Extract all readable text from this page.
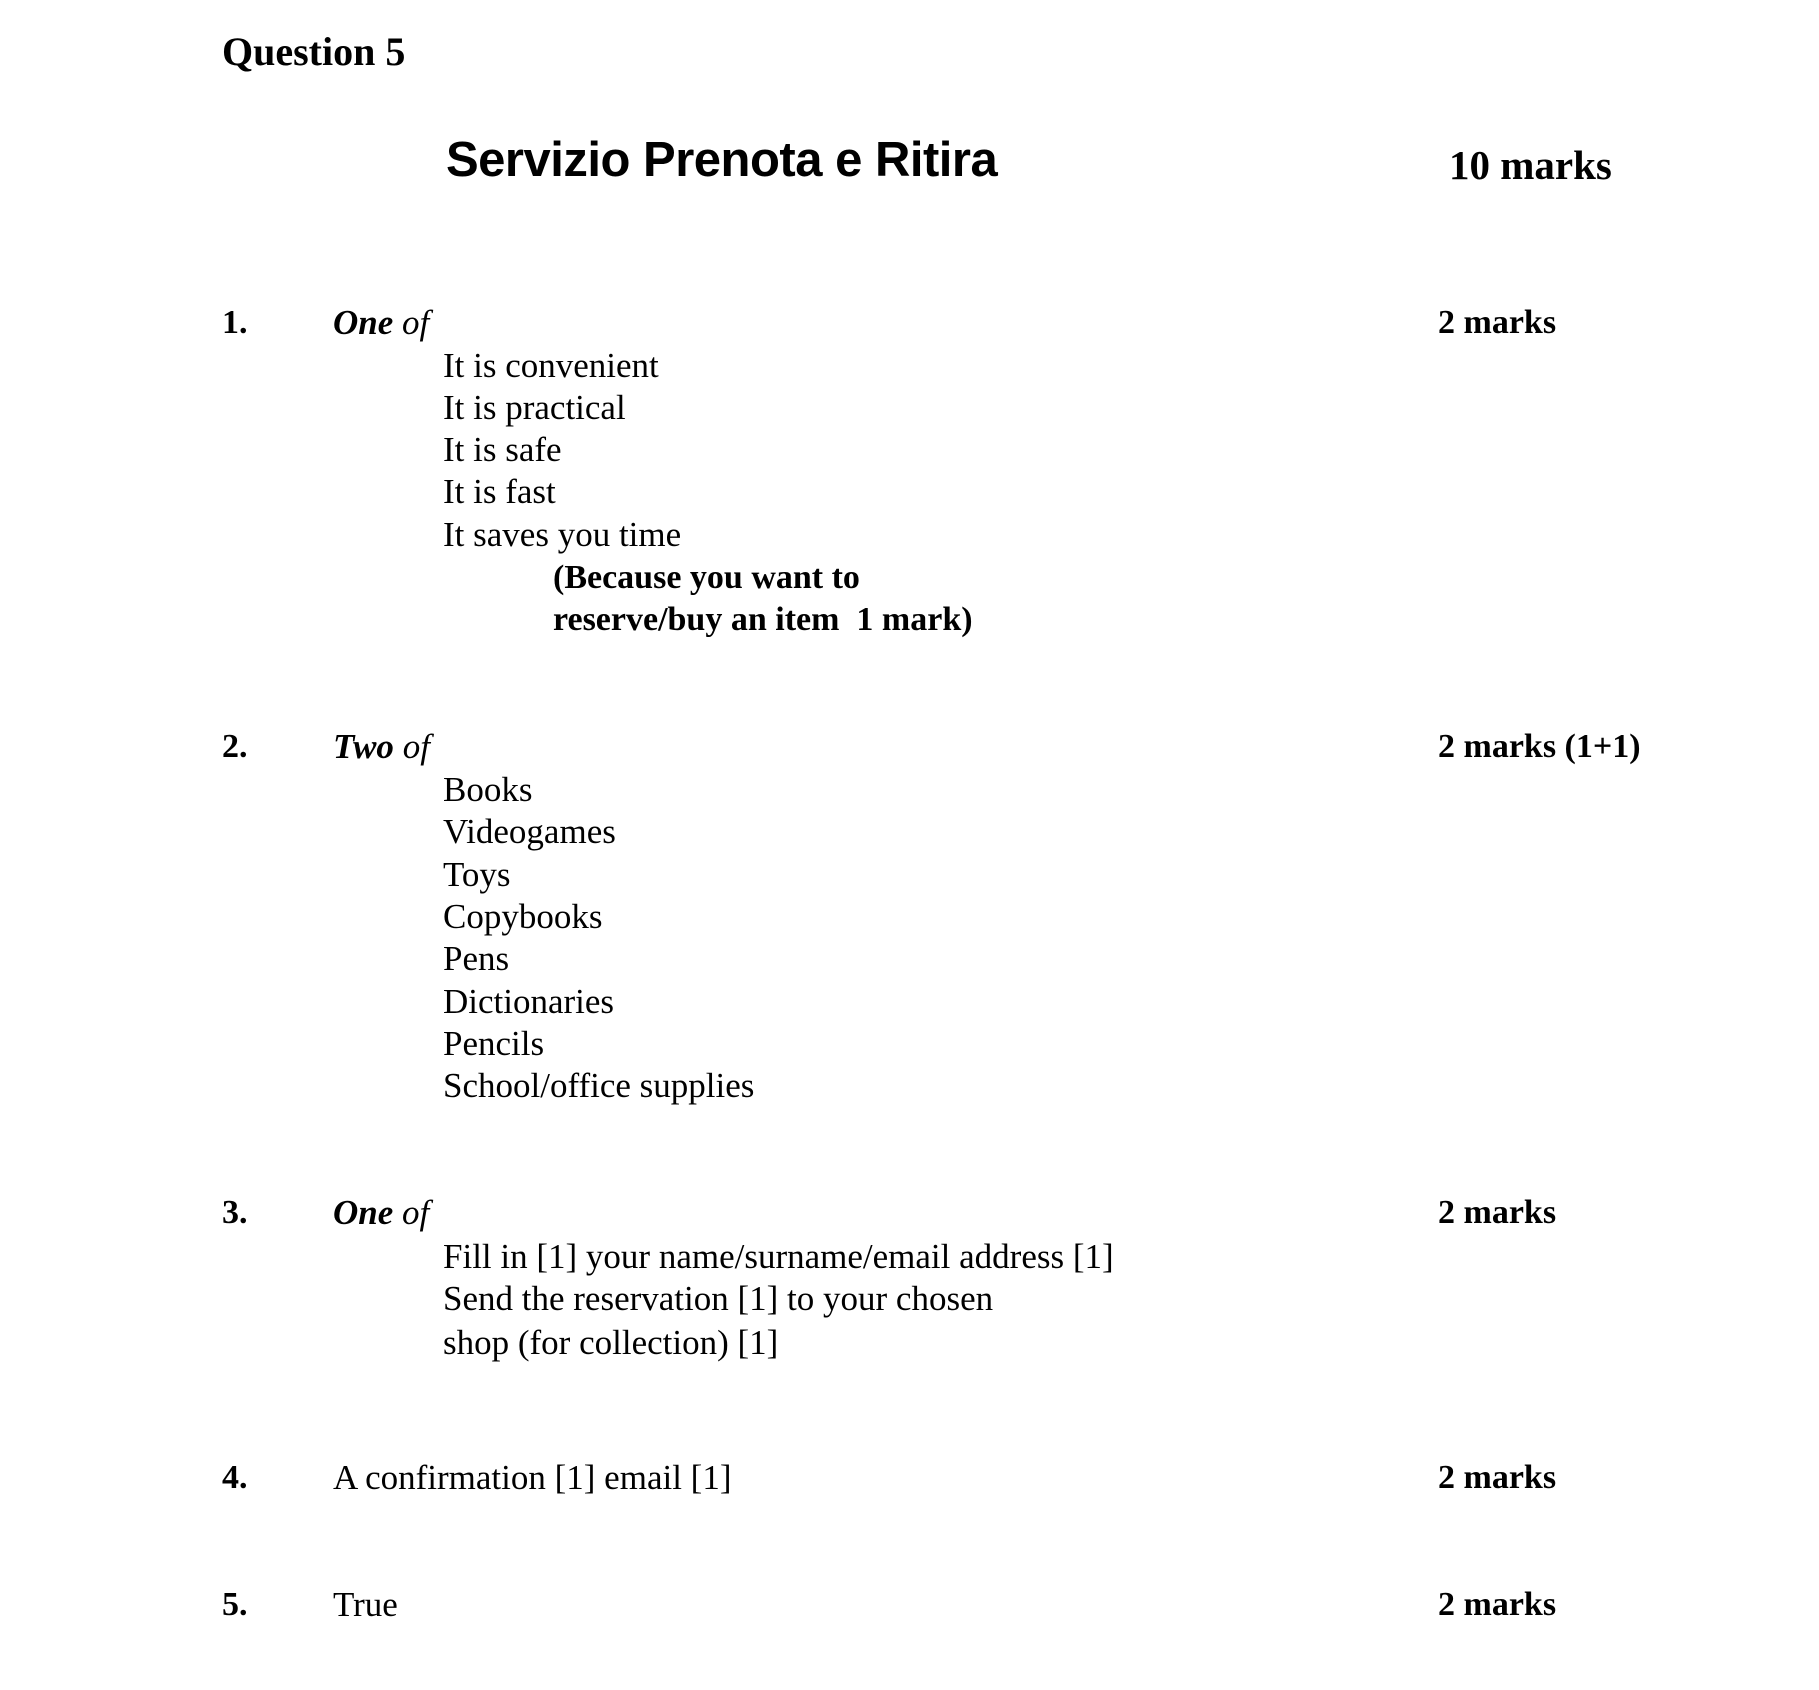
Question 5
Servizio Prenota e Ritira	10 marks
1. One of	2 marks
It is convenient
It is practical
It is safe
It is fast
It saves you time
(Because you want to
reserve/buy an item  1 mark)
2. Two of	2 marks (1+1)
Books
Videogames
Toys
Copybooks
Pens
Dictionaries
Pencils
School/office supplies
3. One of	2 marks
Fill in [1] your name/surname/email address [1]
Send the reservation [1] to your chosen
shop (for collection) [1]
4. A confirmation [1] email [1]	2 marks
5. True	2 marks
